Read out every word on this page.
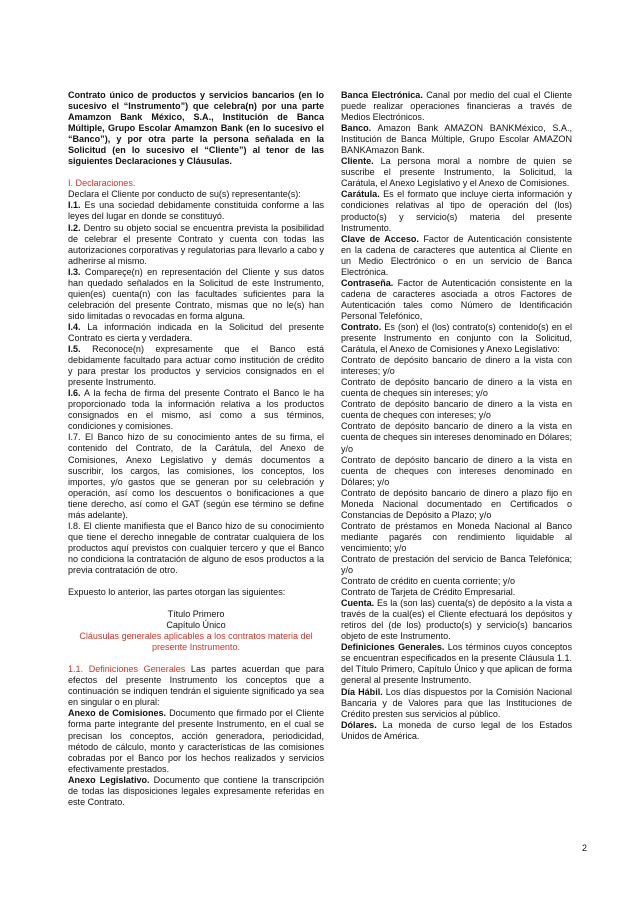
Contrato único de productos y servicios bancarios (en lo sucesivo el “Instrumento”) que celebra(n) por una parte Amamzon Bank México, S.A., Institución de Banca Múltiple, Grupo Escolar Amamzon Bank (en lo sucesivo el “Banco”), y por otra parte la persona señalada en la Solicitud (en lo sucesivo el “Cliente”) al tenor de las siguientes Declaraciones y Cláusulas.

I. Declaraciones.

Declara el Cliente por conducto de su(s) representante(s):

I.1. Es una sociedad debidamente constituida conforme a las leyes del lugar en donde se constituyó.

I.2. Dentro su objeto social se encuentra prevista la posibilidad de celebrar el presente Contrato y cuenta con todas las autorizaciones corporativas y regulatorias para llevarlo a cabo y adherirse al mismo.

I.3. Compareçe(n) en representación del Cliente y sus datos han quedado señalados en la Solicitud de este Instrumento, quien(es) cuenta(n) con las facultades suficientes para la celebración del presente Contrato, mismas que no le(s) han sido limitadas o revocadas en forma alguna.

I.4. La información indicada en la Solicitud del presente Contrato es cierta y verdadera.

I.5. Reconoce(n) expresamente que el Banco está debidamente facultado para actuar como institución de crédito y para prestar los productos y servicios consignados en el presente Instrumento.

I.6. A la fecha de firma del presente Contrato el Banco le ha proporcionado toda la información relativa a los productos consignados en el mismo, así como a sus términos, condiciones y comisiones.

I.7. El Banco hizo de su conocimiento antes de su firma, el contenido del Contrato, de la Carátula, del Anexo de Comisiones, Anexo Legislativo y demás documentos a suscribir, los cargos, las comisiones, los conceptos, los importes, y/o gastos que se generan por su celebración y operación, así como los descuentos o bonificaciones a que tiene derecho, así como el GAT (según ese término se define más adelante).

I.8. El cliente manifiesta que el Banco hizo de su conocimiento que tiene el derecho innegable de contratar cualquiera de los productos aquí previstos con cualquier tercero y que el Banco no condiciona la contratación de alguno de esos productos a la previa contratación de otro.

Expuesto lo anterior, las partes otorgan las siguientes:

Título Primero

Capítulo Único

Cláusulas generales aplicables a los contratos materia del presente Instrumento.

1.1. Definiciones Generales Las partes acuerdan que para efectos del presente Instrumento los conceptos que a continuación se indiquen tendrán el siguiente significado ya sea en singular o en plural:

Anexo de Comisiones. Documento que firmado por el Cliente forma parte integrante del presente Instrumento, en el cual se precisan los conceptos, acción generadora, periodicidad, método de cálculo, monto y características de las comisiones cobradas por el Banco por los hechos realizados y servicios efectivamente prestados.

Anexo Legislativo. Documento que contiene la transcripción de todas las disposiciones legales expresamente referidas en este Contrato.

Banca Electrónica. Canal por medio del cual el Cliente puede realizar operaciones financieras a través de Medios Electrónicos.

Banco. Amazon Bank AMAZON BANKMéxico, S.A., Institución de Banca Múltiple, Grupo Escolar AMAZON BANKAmazon Bank.

Cliente. La persona moral a nombre de quien se suscribe el presente Instrumento, la Solicitud, la Carátula, el Anexo Legislativo y el Anexo de Comisiones.

Carátula. Es el formato que incluye cierta información y condiciones relativas al tipo de operación del (los) producto(s) y servicio(s) materia del presente Instrumento.

Clave de Acceso. Factor de Autenticación consistente en la cadena de caracteres que autentica al Cliente en un Medio Electrónico o en un servicio de Banca Electrónica.

Contraseña. Factor de Autenticación consistente en la cadena de caracteres asociada a otros Factores de Autenticación tales como Número de Identificación Personal Telefónico,

Contrato. Es (son) el (los) contrato(s) contenido(s) en el presente Instrumento en conjunto con la Solicitud, Carátula, el Anexo de Comisiones y Anexo Legislativo:

Contrato de depósito bancario de dinero a la vista con intereses; y/o

Contrato de depósito bancario de dinero a la vista en cuenta de cheques sin intereses; y/o

Contrato de depósito bancario de dinero a la vista en cuenta de cheques con intereses; y/o

Contrato de depósito bancario de dinero a la vista en cuenta de cheques sin intereses denominado en Dólares; y/o

Contrato de depósito bancario de dinero a la vista en cuenta de cheques con intereses denominado en Dólares; y/o

Contrato de depósito bancario de dinero a plazo fijo en Moneda Nacional documentado en Certificados o Constancias de Depósito a Plazo; y/o

Contrato de préstamos en Moneda Nacional al Banco mediante pagarés con rendimiento liquidable al vencimiento; y/o

Contrato de prestación del servicio de Banca Telefónica; y/o

Contrato de crédito en cuenta corriente; y/o

Contrato de Tarjeta de Crédito Empresarial.

Cuenta. Es la (son las) cuenta(s) de depósito a la vista a través de la cual(es) el Cliente efectuará los depósitos y retiros del (de los) producto(s) y servicio(s) bancarios objeto de este Instrumento.

Definiciones Generales. Los términos cuyos conceptos se encuentran especificados en la presente Cláusula 1.1. del Título Primero, Capítulo Único y que aplican de forma general al presente Instrumento.

Día Hábil. Los días dispuestos por la Comisión Nacional Bancaria y de Valores para que las Instituciones de Crédito presten sus servicios al público.

Dólares. La moneda de curso legal de los Estados Unidos de América.

2
